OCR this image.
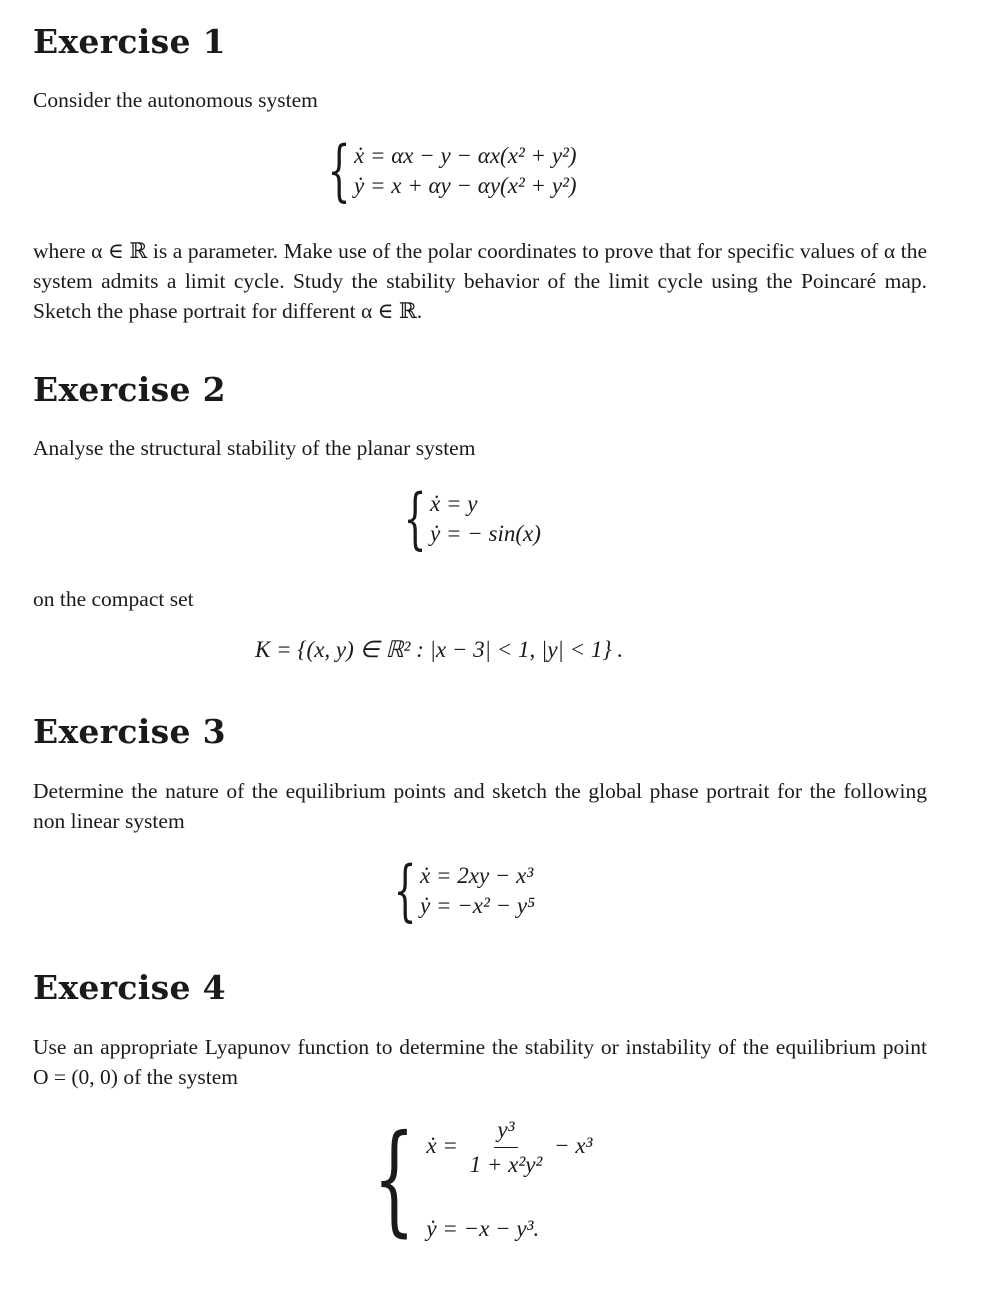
Exercise 1

Consider the autonomous system

{ ẋ = αx − y − αx(x² + y²)
ẏ = x + αy − αy(x² + y²)

where α ∈ ℝ is a parameter. Make use of the polar coordinates to prove that for specific values of α the system admits a limit cycle. Study the stability behavior of the limit cycle using the Poincaré map. Sketch the phase portrait for different α ∈ ℝ.

Exercise 2

Analyse the structural stability of the planar system

{ ẋ = y
ẏ = − sin(x)

on the compact set

K = {(x, y) ∈ ℝ² : |x − 3| < 1, |y| < 1} .
Exercise 3

Determine the nature of the equilibrium points and sketch the global phase portrait for the following non linear system

{ ẋ = 2xy − x³
ẏ = −x² − y⁵
Exercise 4

Use an appropriate Lyapunov function to determine the stability or instability of the equilibrium point O = (0, 0) of the system

{ ẋ = $\frac{\text{y³}}{\text{1 + x²y²}} - x^3$
ẏ = −x − y³.
